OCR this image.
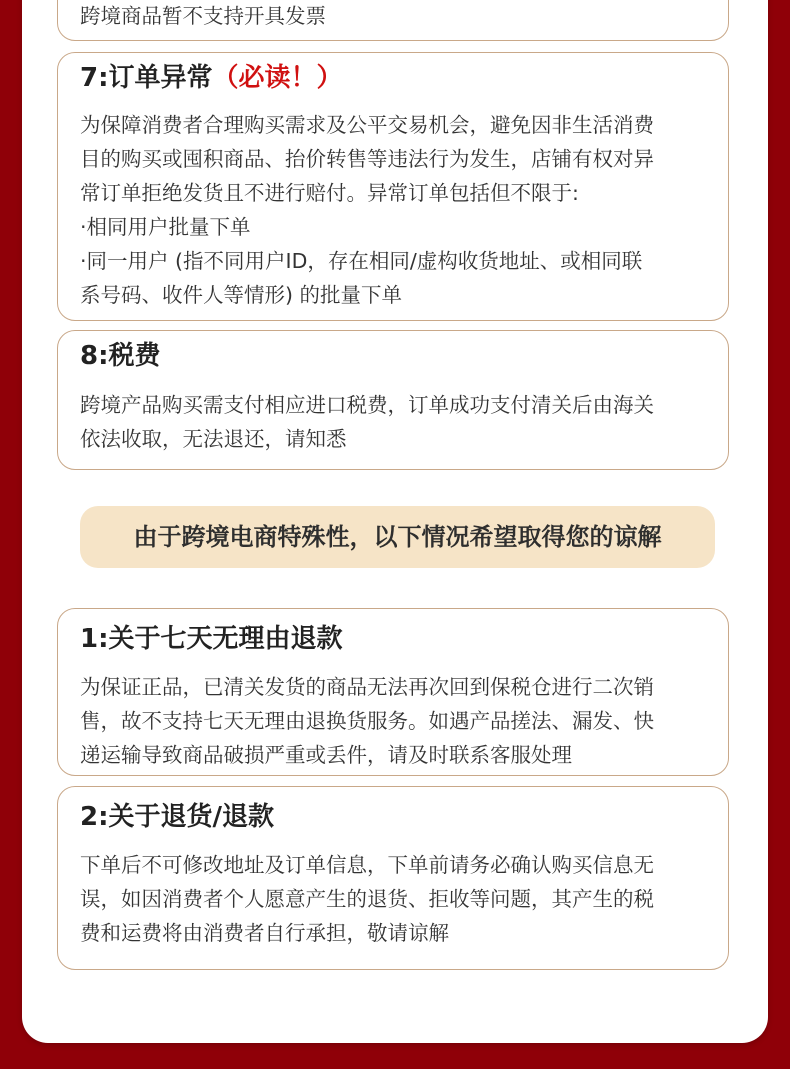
跨境商品暂不支持开具发票
7:订单异常（必读！）
为保障消费者合理购买需求及公平交易机会，避免因非生活消费
目的购买或囤积商品、抬价转售等违法行为发生，店铺有权对异
常订单拒绝发货且不进行赔付。异常订单包括但不限于:
·相同用户批量下单
·同一用户 (指不同用户ID，存在相同/虚构收货地址、或相同联
系号码、收件人等情形) 的批量下单
8:税费
跨境产品购买需支付相应进口税费，订单成功支付清关后由海关
依法收取，无法退还，请知悉
由于跨境电商特殊性，以下情况希望取得您的谅解
1:关于七天无理由退款
为保证正品，已清关发货的商品无法再次回到保税仓进行二次销
售，故不支持七天无理由退换货服务。如遇产品搓法、漏发、快
递运输导致商品破损严重或丢件，请及时联系客服处理
2:关于退货/退款
下单后不可修改地址及订单信息，下单前请务必确认购买信息无
误，如因消费者个人愿意产生的退货、拒收等问题，其产生的税
费和运费将由消费者自行承担，敬请谅解
